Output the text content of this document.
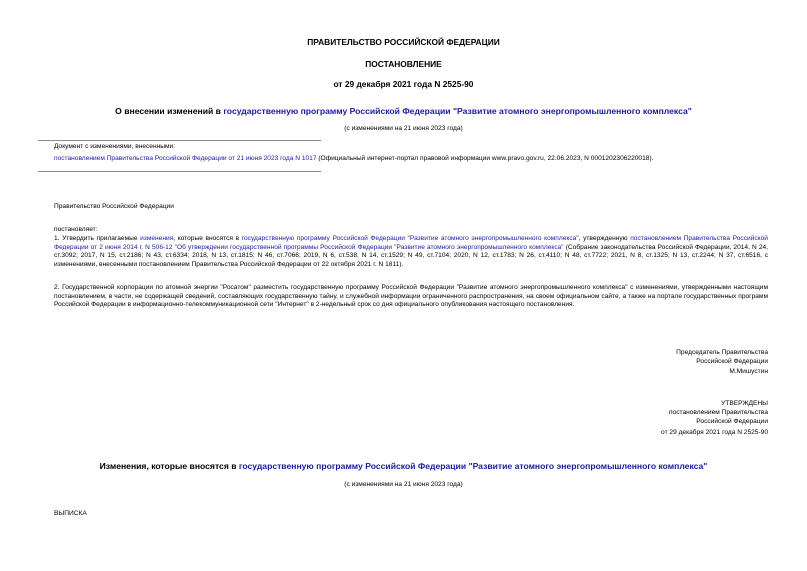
ПРАВИТЕЛЬСТВО РОССИЙСКОЙ ФЕДЕРАЦИИ
ПОСТАНОВЛЕНИЕ
от 29 декабря 2021 года N 2525-90
О внесении изменений в государственную программу Российской Федерации "Развитие атомного энергопромышленного комплекса"
(с изменениями на 21 июня 2023 года)
Документ с изменениями, внесенными:
постановлением Правительства Российской Федерации от 21 июня 2023 года N 1017 (Официальный интернет-портал правовой информации www.pravo.gov.ru, 22.06.2023, N 0001202306220018).
Правительство Российской Федерации
постановляет:
1. Утвердить прилагаемые изменения, которые вносятся в государственную программу Российской Федерации "Развитие атомного энергопромышленного комплекса", утвержденную постановлением Правительства Российской Федерации от 2 июня 2014 г. N 506-12 "Об утверждении государственной программы Российской Федерации "Развитие атомного энергопромышленного комплекса" (Собрание законодательства Российской Федерации, 2014, N 24, ст.3092; 2017, N 15, ст.2186; N 43, ст.6334; 2018, N 13, ст.1815; N 46, ст.7066; 2019, N 6, ст.538; N 14, ст.1529; N 49, ст.7104; 2020, N 12, ст.1783; N 26, ст.4110; N 48, ст.7722; 2021, N 8, ст.1325; N 13, ст.2244; N 37, ст.6516, с изменениями, внесенными постановлением Правительства Российской Федерации от 22 октября 2021 г. N 1811).
2. Государственной корпорации по атомной энергии "Росатом" разместить государственную программу Российской Федерации "Развитие атомного энергопромышленного комплекса" с изменениями, утвержденными настоящим постановлением, в части, не содержащей сведений, составляющих государственную тайну, и служебной информации ограниченного распространения, на своем официальном сайте, а также на портале государственных программ Российской Федерации в информационно-телекоммуникационной сети "Интернет" в 2-недельный срок со дня официального опубликования настоящего постановления.
Председатель Правительства
Российской Федерации
М.Мишустин
УТВЕРЖДЕНЫ
постановлением Правительства
Российской Федерации
от 29 декабря 2021 года N 2525-90
Изменения, которые вносятся в государственную программу Российской Федерации "Развитие атомного энергопромышленного комплекса"
(с изменениями на 21 июня 2023 года)
ВЫПИСКА
